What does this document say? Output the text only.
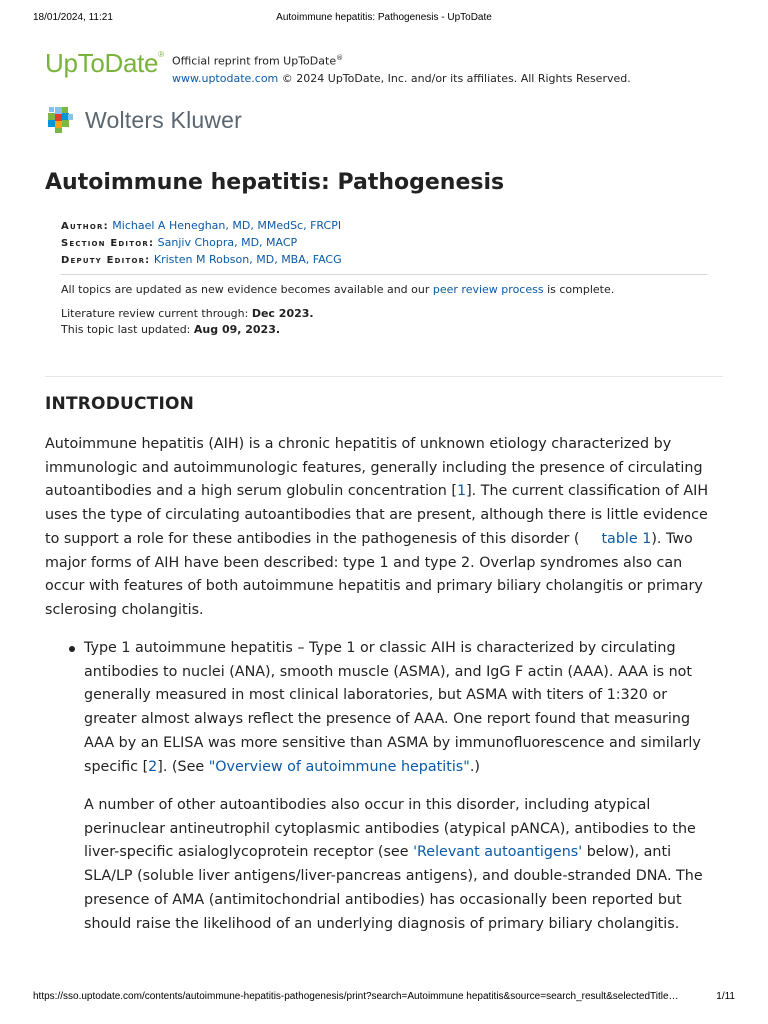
18/01/2024, 11:21	Autoimmune hepatitis: Pathogenesis - UpToDate
UpToDate®
Official reprint from UpToDate®
www.uptodate.com © 2024 UpToDate, Inc. and/or its affiliates. All Rights Reserved.
Wolters Kluwer
Autoimmune hepatitis: Pathogenesis
Author: Michael A Heneghan, MD, MMedSc, FRCPI
Section Editor: Sanjiv Chopra, MD, MACP
Deputy Editor: Kristen M Robson, MD, MBA, FACG

All topics are updated as new evidence becomes available and our peer review process is complete.

Literature review current through: Dec 2023.

This topic last updated: Aug 09, 2023.

INTRODUCTION

Autoimmune hepatitis (AIH) is a chronic hepatitis of unknown etiology characterized by immunologic and autoimmunologic features, generally including the presence of circulating autoantibodies and a high serum globulin concentration [1]. The current classification of AIH uses the type of circulating autoantibodies that are present, although there is little evidence to support a role for these antibodies in the pathogenesis of this disorder ( table 1). Two major forms of AIH have been described: type 1 and type 2. Overlap syndromes also can occur with features of both autoimmune hepatitis and primary biliary cholangitis or primary sclerosing cholangitis.

Type 1 autoimmune hepatitis – Type 1 or classic AIH is characterized by circulating antibodies to nuclei (ANA), smooth muscle (ASMA), and IgG F actin (AAA). AAA is not generally measured in most clinical laboratories, but ASMA with titers of 1:320 or greater almost always reflect the presence of AAA. One report found that measuring AAA by an ELISA was more sensitive than ASMA by immunofluorescence and similarly specific [2]. (See "Overview of autoimmune hepatitis".)

A number of other autoantibodies also occur in this disorder, including atypical perinuclear antineutrophil cytoplasmic antibodies (atypical pANCA), antibodies to the liver-specific asialoglycoprotein receptor (see 'Relevant autoantigens' below), anti SLA/LP (soluble liver antigens/liver-pancreas antigens), and double-stranded DNA. The presence of AMA (antimitochondrial antibodies) has occasionally been reported but should raise the likelihood of an underlying diagnosis of primary biliary cholangitis.

https://sso.uptodate.com/contents/autoimmune-hepatitis-pathogenesis/print?search=Autoimmune hepatitis&source=search_result&selectedTitle…	1/11
